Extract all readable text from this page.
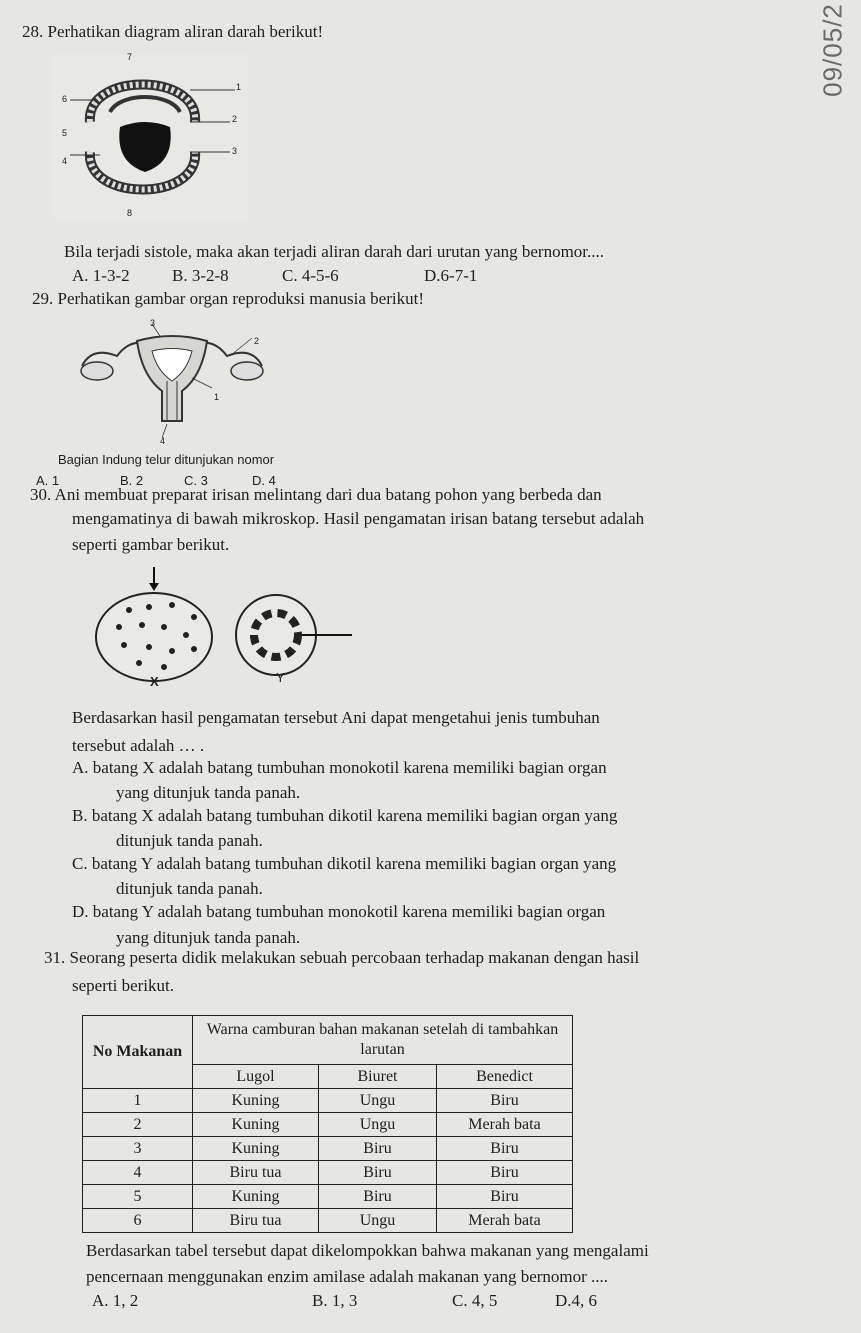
09/05/2
28. Perhatikan diagram aliran darah berikut!
7
1
6
2
5
3
4
8
Bila terjadi sistole, maka akan terjadi aliran darah dari urutan yang bernomor....
A. 1-3-2 B. 3-2-8	C. 4-5-6	D.6-7-1
29. Perhatikan gambar organ reproduksi manusia berikut!
3
2
1
4
Bagian Indung telur ditunjukan nomor
A. 1	B. 2	C. 3	D. 4
30. Ani membuat preparat irisan melintang dari dua batang pohon yang berbeda dan
mengamatinya di bawah mikroskop. Hasil pengamatan irisan batang tersebut adalah
seperti gambar berikut.
X	Y
Berdasarkan hasil pengamatan tersebut Ani dapat mengetahui jenis tumbuhan
tersebut adalah … .
A. batang X adalah batang tumbuhan monokotil karena memiliki bagian organ
yang ditunjuk tanda panah.
B. batang X adalah batang tumbuhan dikotil karena memiliki bagian organ yang
ditunjuk tanda panah.
C. batang Y adalah batang tumbuhan dikotil karena memiliki bagian organ yang
ditunjuk tanda panah.
D. batang Y adalah batang tumbuhan monokotil karena memiliki bagian organ
yang ditunjuk tanda panah.
31. Seorang peserta didik melakukan sebuah percobaan terhadap makanan dengan hasil
seperti berikut.
No Makanan	Warna camburan bahan makanan setelah di tambahkan larutan		
	Lugol	Biuret	Benedict
1	Kuning	Ungu	Biru
2	Kuning	Ungu	Merah bata
3	Kuning	Biru	Biru
4	Biru tua	Biru	Biru
5	Kuning	Biru	Biru
6	Biru tua	Ungu	Merah bata
Berdasarkan tabel tersebut dapat dikelompokkan bahwa makanan yang mengalami
pencernaan menggunakan enzim amilase adalah makanan yang bernomor ....
A. 1, 2	B. 1, 3	C. 4, 5	D.4, 6
